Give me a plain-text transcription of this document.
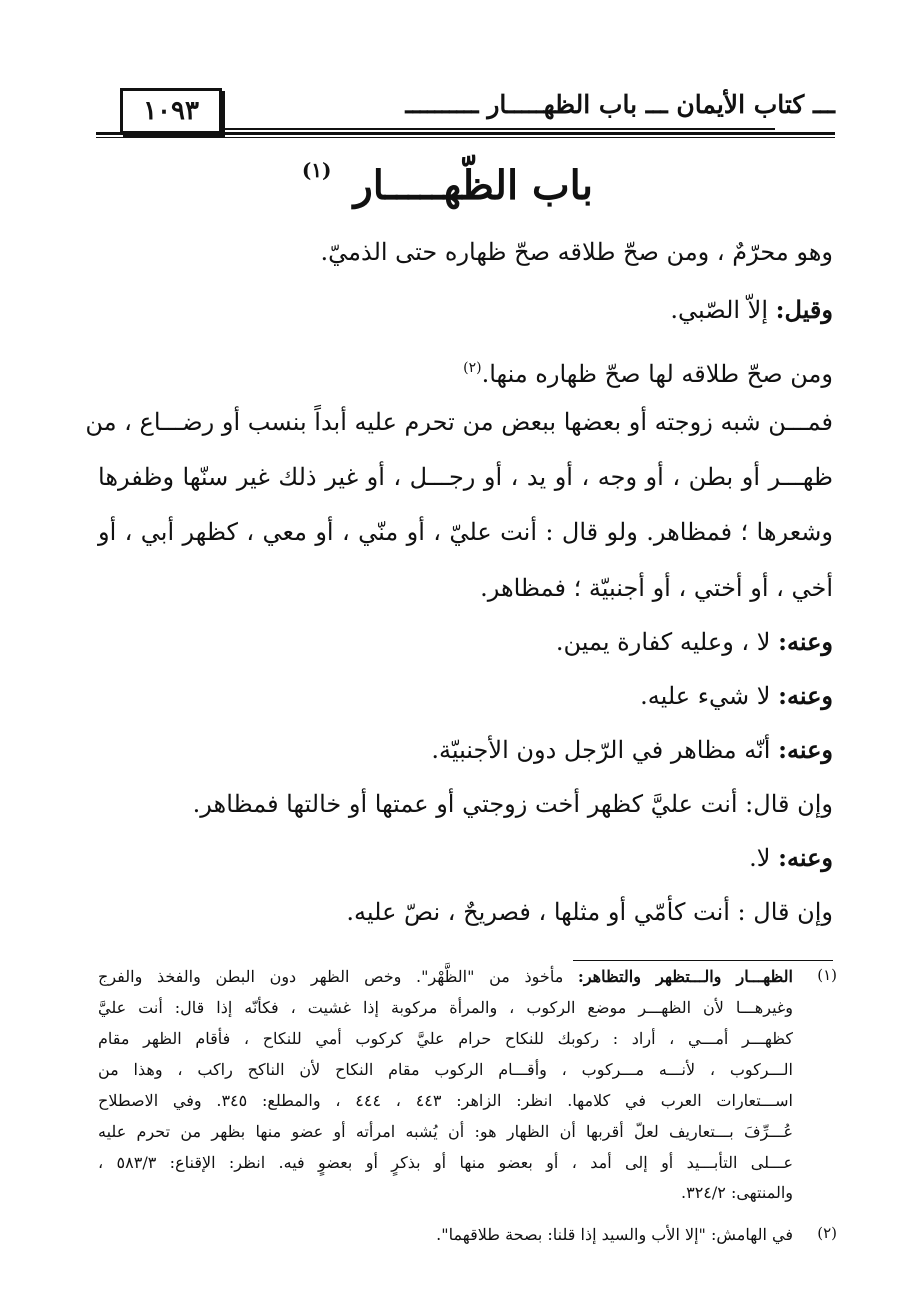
١٠٩٣	ـــ كتاب الأيمان ـــ باب الظهـــــار ــــــــــ
باب الظّهـــــار $^{(١)}$
وهو محرّمٌ ، ومن صحّ طلاقه صحّ ظهاره حتى الذميّ.
وقيل: إلاّ الصّبي.
ومن صحّ طلاقه لها صحّ ظهاره منها.$^{(٢)}$
فمـــن شبه زوجته أو بعضها ببعض من تحرم عليه أبداً بنسب أو رضـــاع ، من
ظهـــر أو بطن ، أو وجه ، أو يد ، أو رجـــل ، أو غير ذلك غير سنّها وظفرها
وشعرها ؛ فمظاهر. ولو قال : أنت عليّ ، أو منّي ، أو معي ، كظهر أبي ، أو
أخي ، أو أختي ، أو أجنبيّة ؛ فمظاهر.
وعنه: لا ، وعليه كفارة يمين.
وعنه: لا شيء عليه.
وعنه: أنّه مظاهر في الرّجل دون الأجنبيّة.
وإن قال: أنت عليَّ كظهر أخت زوجتي أو عمتها أو خالتها فمظاهر.
وعنه: لا.
وإن قال : أنت كأمّي أو مثلها ، فصريحٌ ، نصّ عليه.
(١)
الظهـــار والـــتظهر والتظاهر: مأخوذ من "الظَّهْر". وخص الظهر دون البطن والفخذ والفرج
وغيرهـــا لأن الظهـــر موضع الركوب ، والمرأة مركوبة إذا غشيت ، فكأنّه إذا قال: أنت عليَّ
كظهـــر أمـــي ، أراد : ركوبك للنكاح حرام عليَّ كركوب أمي للنكاح ، فأقام الظهر مقام
الـــركوب ، لأنـــه مـــركوب ، وأقـــام الركوب مقام النكاح لأن الناكح راكب ، وهذا من
اســـتعارات العرب في كلامها. انظر: الزاهر: ٤٤٣ ، ٤٤٤ ، والمطلع: ٣٤٥. وفي الاصطلاح
عُـــرِّفَ بـــتعاريف لعلّ أقربها أن الظهار هو: أن يُشبه امرأته أو عضو منها بظهر من تحرم عليه
عـــلى التأبـــيد أو إلى أمد ، أو بعضو منها أو بذكرٍ أو بعضوٍ فيه. انظر: الإقناع: ٥٨٣/٣ ،
والمنتهى: ٣٢٤/٢.
(٢)
في الهامش: "إلا الأب والسيد إذا قلنا: بصحة طلاقهما".
